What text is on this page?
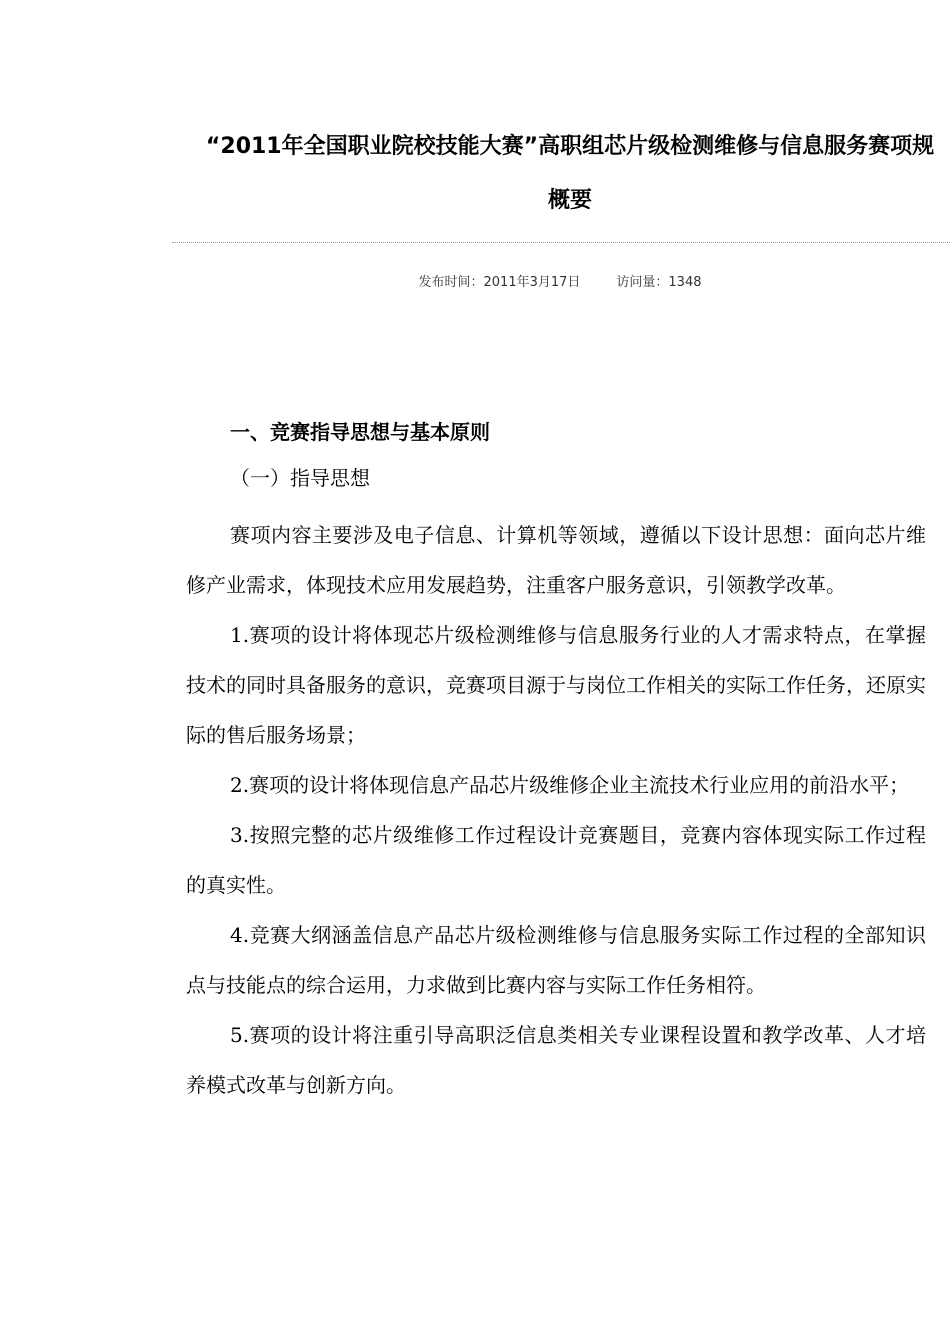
“2011年全国职业院校技能大赛”高职组芯片级检测维修与信息服务赛项规
概要
发布时间：2011年3月17日	访问量：1348
一、竞赛指导思想与基本原则
（一）指导思想

赛项内容主要涉及电子信息、计算机等领域，遵循以下设计思想：面向芯片维修产业需求，体现技术应用发展趋势，注重客户服务意识，引领教学改革。

1.赛项的设计将体现芯片级检测维修与信息服务行业的人才需求特点，在掌握技术的同时具备服务的意识，竞赛项目源于与岗位工作相关的实际工作任务，还原实际的售后服务场景；

2.赛项的设计将体现信息产品芯片级维修企业主流技术行业应用的前沿水平；

3.按照完整的芯片级维修工作过程设计竞赛题目，竞赛内容体现实际工作过程的真实性。

4.竞赛大纲涵盖信息产品芯片级检测维修与信息服务实际工作过程的全部知识点与技能点的综合运用，力求做到比赛内容与实际工作任务相符。

5.赛项的设计将注重引导高职泛信息类相关专业课程设置和教学改革、人才培养模式改革与创新方向。
